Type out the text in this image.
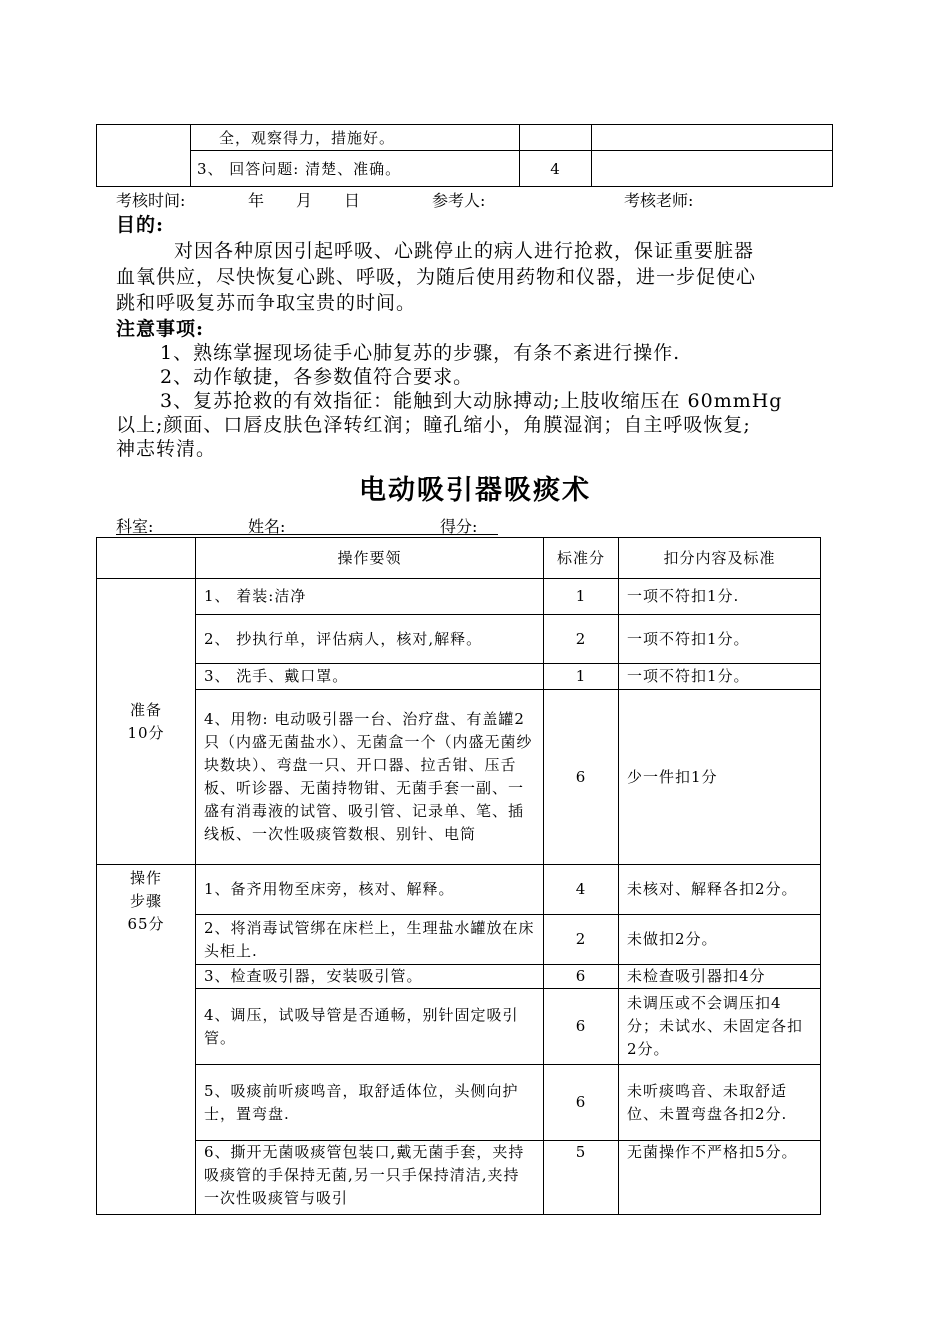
	全，观察得力，措施好。		
	3、 回答问题: 清楚、准确。	4	
考核时间:	年 月 日	参考人:	考核老师:
目的:
对因各种原因引起呼吸、心跳停止的病人进行抢救，保证重要脏器
血氧供应，尽快恢复心跳、呼吸，为随后使用药物和仪器，进一步促使心
跳和呼吸复苏而争取宝贵的时间。
注意事项:
1、熟练掌握现场徒手心肺复苏的步骤，有条不紊进行操作.
2、动作敏捷，各参数值符合要求。
3、复苏抢救的有效指征：能触到大动脉搏动;上肢收缩压在 60mmHg
以上;颜面、口唇皮肤色泽转红润；瞳孔缩小，角膜湿润；自主呼吸恢复;
神志转清。
电动吸引器吸痰术
科室:	姓名:	得分:
	操作要领	标准分	扣分内容及标准

准备
10分	1、 着装:洁净	1	一项不符扣1分.
	2、 抄执行单，评估病人，核对,解释。	2	一项不符扣1分。
	3、 洗手、戴口罩。	1	一项不符扣1分。
	4、用物: 电动吸引器一台、治疗盘、有盖罐2只（内盛无菌盐水）、无菌盒一个（内盛无菌纱块数块）、弯盘一只、开口器、拉舌钳、压舌板、听诊器、无菌持物钳、无菌手套一副、一盛有消毒液的试管、吸引管、记录单、笔、插线板、一次性吸痰管数根、别针、电筒	6	少一件扣1分

操作
步骤
65分	1、备齐用物至床旁，核对、解释。	4	未核对、解释各扣2分。
	2、将消毒试管绑在床栏上，生理盐水罐放在床头柜上.	2	未做扣2分。
	3、检查吸引器，安装吸引管。	6	未检查吸引器扣4分
	4、调压，试吸导管是否通畅，别针固定吸引管。	6	未调压或不会调压扣4分；未试水、未固定各扣2分。
	5、吸痰前听痰鸣音，取舒适体位，头侧向护士，置弯盘.	6	未听痰鸣音、未取舒适位、未置弯盘各扣2分.
	6、撕开无菌吸痰管包装口,戴无菌手套，夹持吸痰管的手保持无菌,另一只手保持清洁,夹持一次性吸痰管与吸引	5	无菌操作不严格扣5分。
